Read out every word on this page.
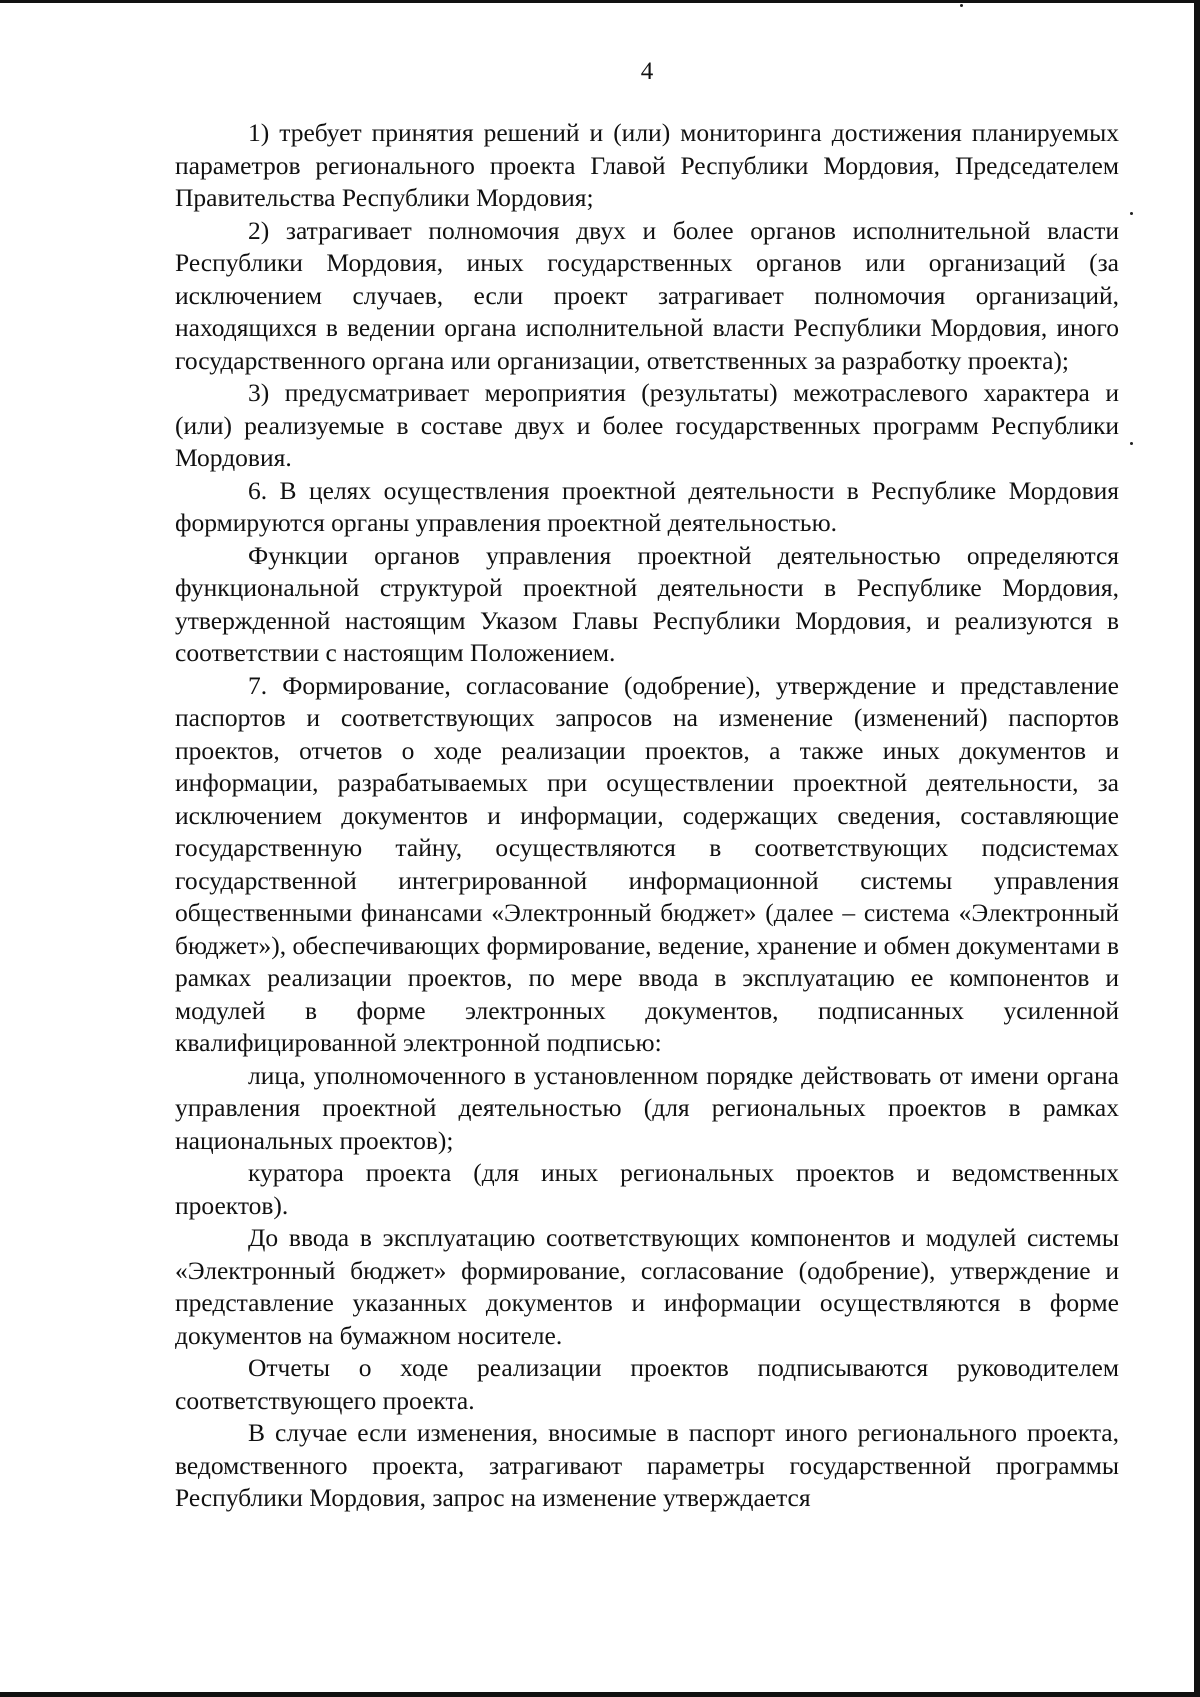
4

1) требует принятия решений и (или) мониторинга достижения планируемых параметров регионального проекта Главой Республики Мордовия, Председателем Правительства Республики Мордовия;

2) затрагивает полномочия двух и более органов исполнительной власти Республики Мордовия, иных государственных органов или организаций (за исключением случаев, если проект затрагивает полномочия организаций, находящихся в ведении органа исполнительной власти Республики Мордовия, иного государственного органа или организации, ответственных за разработку проекта);

3) предусматривает мероприятия (результаты) межотраслевого характера и (или) реализуемые в составе двух и более государственных программ Республики Мордовия.

6. В целях осуществления проектной деятельности в Республике Мордовия формируются органы управления проектной деятельностью.

Функции органов управления проектной деятельностью определяются функциональной структурой проектной деятельности в Республике Мордовия, утвержденной настоящим Указом Главы Республики Мордовия, и реализуются в соответствии с настоящим Положением.

7. Формирование, согласование (одобрение), утверждение и представление паспортов и соответствующих запросов на изменение (изменений) паспортов проектов, отчетов о ходе реализации проектов, а также иных документов и информации, разрабатываемых при осуществлении проектной деятельности, за исключением документов и информации, содержащих сведения, составляющие государственную тайну, осуществляются в соответствующих подсистемах государственной интегрированной информационной системы управления общественными финансами «Электронный бюджет» (далее – система «Электронный бюджет»), обеспечивающих формирование, ведение, хранение и обмен документами в рамках реализации проектов, по мере ввода в эксплуатацию ее компонентов и модулей в форме электронных документов, подписанных усиленной квалифицированной электронной подписью:

лица, уполномоченного в установленном порядке действовать от имени органа управления проектной деятельностью (для региональных проектов в рамках национальных проектов);

куратора проекта (для иных региональных проектов и ведомственных проектов).

До ввода в эксплуатацию соответствующих компонентов и модулей системы «Электронный бюджет» формирование, согласование (одобрение), утверждение и представление указанных документов и информации осуществляются в форме документов на бумажном носителе.

Отчеты о ходе реализации проектов подписываются руководителем соответствующего проекта.

В случае если изменения, вносимые в паспорт иного регионального проекта, ведомственного проекта, затрагивают параметры государственной программы Республики Мордовия, запрос на изменение утверждается
